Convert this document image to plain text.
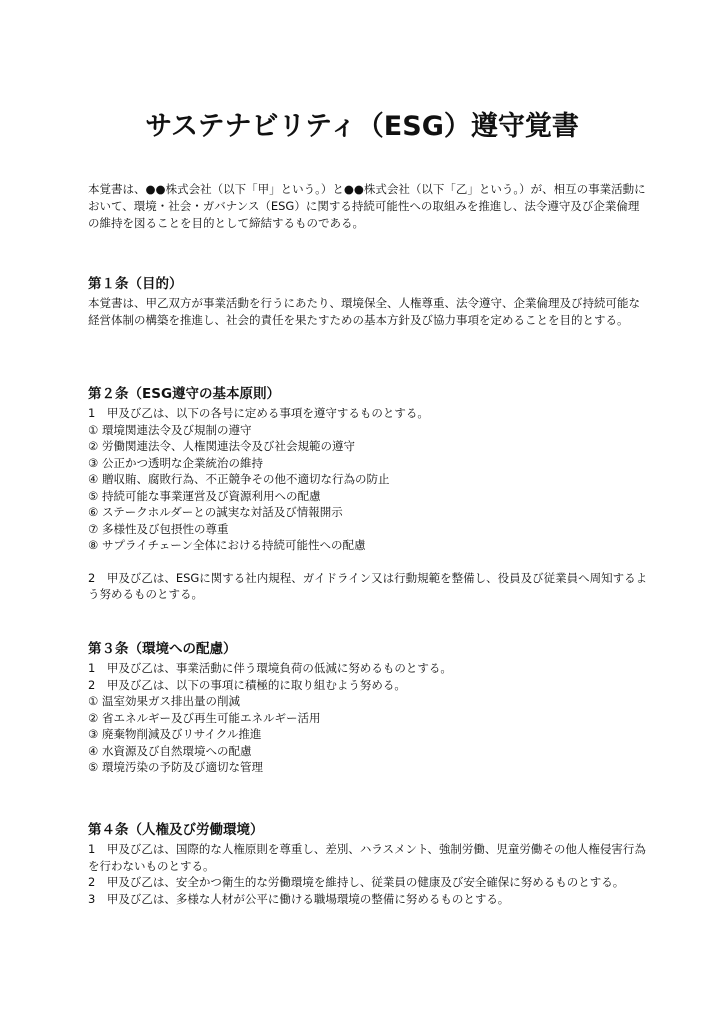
サステナビリティ（ESG）遵守覚書

本覚書は、●●株式会社（以下「甲」という。）と●●株式会社（以下「乙」という。）が、相互の事業活動において、環境・社会・ガバナンス（ESG）に関する持続可能性への取組みを推進し、法令遵守及び企業倫理の維持を図ることを目的として締結するものである。

第１条（目的）

本覚書は、甲乙双方が事業活動を行うにあたり、環境保全、人権尊重、法令遵守、企業倫理及び持続可能な経営体制の構築を推進し、社会的責任を果たすための基本方針及び協力事項を定めることを目的とする。

第２条（ESG遵守の基本原則）

1　甲及び乙は、以下の各号に定める事項を遵守するものとする。

① 環境関連法令及び規制の遵守

② 労働関連法令、人権関連法令及び社会規範の遵守

③ 公正かつ透明な企業統治の維持

④ 贈収賄、腐敗行為、不正競争その他不適切な行為の防止

⑤ 持続可能な事業運営及び資源利用への配慮

⑥ ステークホルダーとの誠実な対話及び情報開示

⑦ 多様性及び包摂性の尊重

⑧ サプライチェーン全体における持続可能性への配慮

2　甲及び乙は、ESGに関する社内規程、ガイドライン又は行動規範を整備し、役員及び従業員へ周知するよう努めるものとする。

第３条（環境への配慮）

1　甲及び乙は、事業活動に伴う環境負荷の低減に努めるものとする。

2　甲及び乙は、以下の事項に積極的に取り組むよう努める。

① 温室効果ガス排出量の削減

② 省エネルギー及び再生可能エネルギー活用

③ 廃棄物削減及びリサイクル推進

④ 水資源及び自然環境への配慮

⑤ 環境汚染の予防及び適切な管理

第４条（人権及び労働環境）

1　甲及び乙は、国際的な人権原則を尊重し、差別、ハラスメント、強制労働、児童労働その他人権侵害行為を行わないものとする。

2　甲及び乙は、安全かつ衛生的な労働環境を維持し、従業員の健康及び安全確保に努めるものとする。

3　甲及び乙は、多様な人材が公平に働ける職場環境の整備に努めるものとする。
